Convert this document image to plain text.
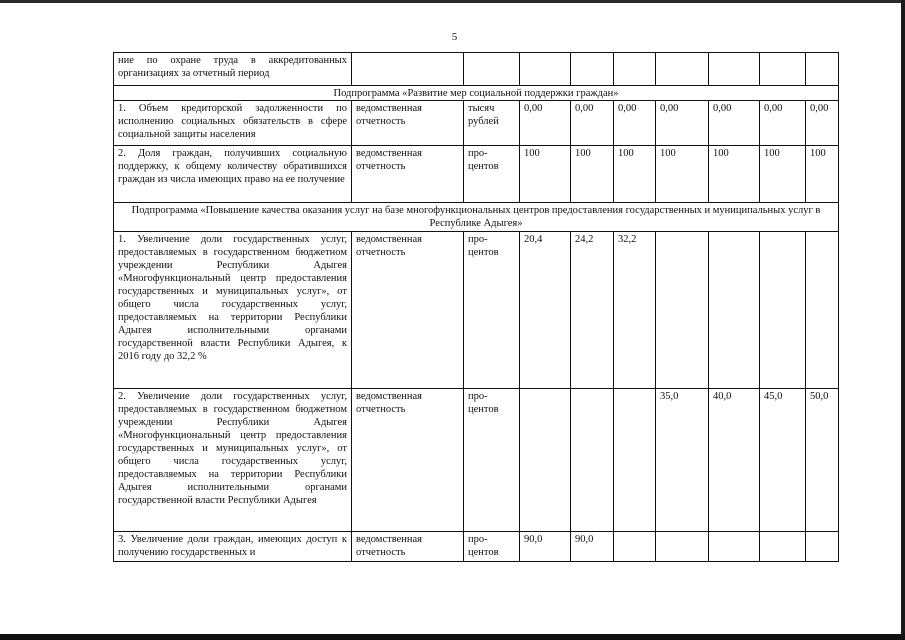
5
ние по охране труда в аккредитованных организациях за отчетный период									
Подпрограмма «Развитие мер социальной поддержки граждан»									
1. Объем кредиторской задолженности по исполнению социальных обязательств в сфере социальной защиты населения	ведомственная отчетность	тысяч рублей	0,00	0,00	0,00	0,00	0,00	0,00	0,00
2. Доля граждан, получивших социальную поддержку, к общему количеству обратившихся граждан из числа имеющих право на ее получение	ведомственная отчетность	про-центов	100	100	100	100	100	100	100
Подпрограмма «Повышение качества оказания услуг на базе многофункциональных центров предоставления государственных и муниципальных услуг в Республике Адыгея»									
1. Увеличение доли государственных услуг, предоставляемых в государственном бюджетном учреждении Республики Адыгея «Многофункциональный центр предоставления государственных и муниципальных услуг», от общего числа государственных услуг, предоставляемых на территории Республики Адыгея исполнительными органами государственной власти Республики Адыгея, к 2016 году до 32,2 %	ведомственная отчетность	про-центов	20,4	24,2	32,2				
2. Увеличение доли государственных услуг, предоставляемых в государственном бюджетном учреждении Республики Адыгея «Многофункциональный центр предоставления государственных и муниципальных услуг», от общего числа государственных услуг, предоставляемых на территории Республики Адыгея исполнительными органами государственной власти Республики Адыгея	ведомственная отчетность	про-центов				35,0	40,0	45,0	50,0
3. Увеличение доли граждан, имеющих доступ к получению государственных и	ведомственная отчетность	про-центов	90,0	90,0					
